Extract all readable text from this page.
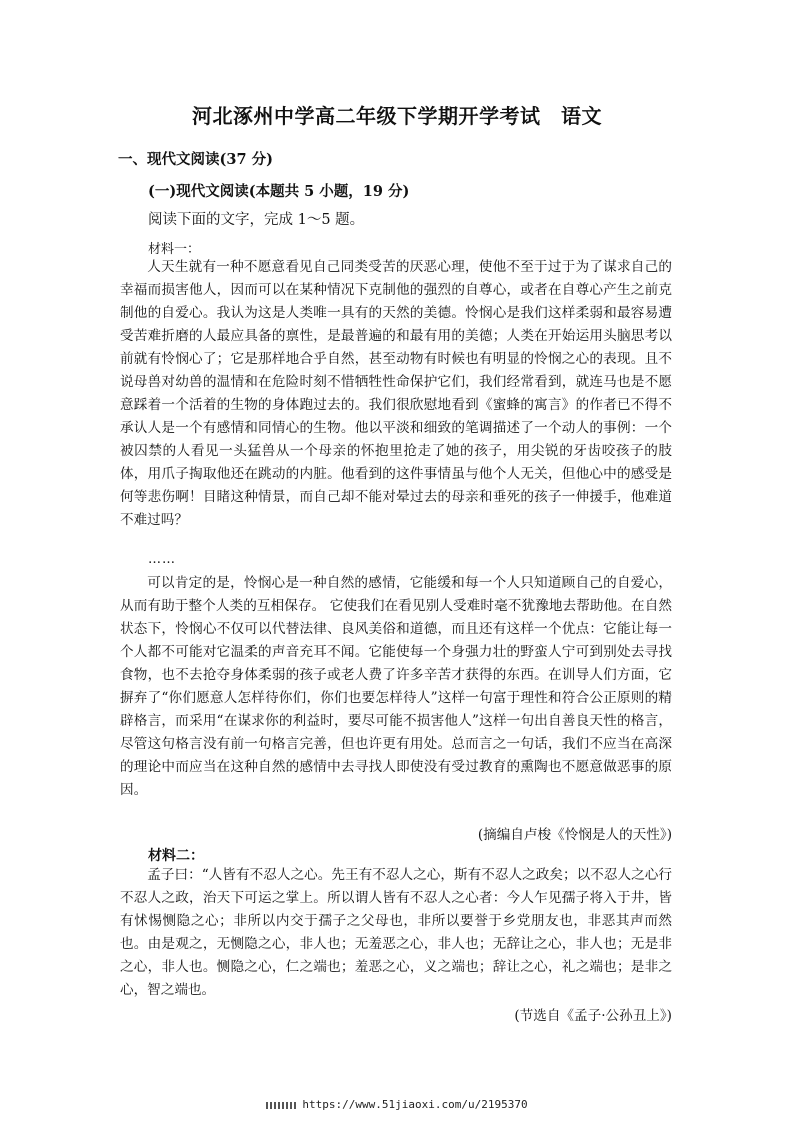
河北涿州中学高二年级下学期开学考试　语文
一、现代文阅读(37 分)
(一)现代文阅读(本题共 5 小题，19 分)
阅读下面的文字，完成 1～5 题。
材料一：

人天生就有一种不愿意看见自己同类受苦的厌恶心理，使他不至于过于为了谋求自己的幸福而损害他人，因而可以在某种情况下克制他的强烈的自尊心，或者在自尊心产生之前克制他的自爱心。我认为这是人类唯一具有的天然的美德。怜悯心是我们这样柔弱和最容易遭受苦难折磨的人最应具备的禀性，是最普遍的和最有用的美德；人类在开始运用头脑思考以前就有怜悯心了；它是那样地合乎自然，甚至动物有时候也有明显的怜悯之心的表现。且不说母兽对幼兽的温情和在危险时刻不惜牺牲性命保护它们，我们经常看到，就连马也是不愿意踩着一个活着的生物的身体跑过去的。我们很欣慰地看到《蜜蜂的寓言》的作者已不得不承认人是一个有感情和同情心的生物。他以平淡和细致的笔调描述了一个动人的事例：一个被囚禁的人看见一头猛兽从一个母亲的怀抱里抢走了她的孩子，用尖锐的牙齿咬孩子的肢体，用爪子掏取他还在跳动的内脏。他看到的这件事情虽与他个人无关，但他心中的感受是何等悲伤啊！目睹这种情景，而自己却不能对晕过去的母亲和垂死的孩子一伸援手，他难道不难过吗？

……

可以肯定的是，怜悯心是一种自然的感情，它能缓和每一个人只知道顾自己的自爱心，从而有助于整个人类的互相保存。 它使我们在看见别人受难时毫不犹豫地去帮助他。在自然状态下，怜悯心不仅可以代替法律、良风美俗和道德，而且还有这样一个优点：它能让每一个人都不可能对它温柔的声音充耳不闻。它能使每一个身强力壮的野蛮人宁可到别处去寻找食物，也不去抢夺身体柔弱的孩子或老人费了许多辛苦才获得的东西。在训导人们方面，它摒弃了“你们愿意人怎样待你们，你们也要怎样待人”这样一句富于理性和符合公正原则的精辟格言，而采用“在谋求你的利益时，要尽可能不损害他人”这样一句出自善良天性的格言，尽管这句格言没有前一句格言完善，但也许更有用处。总而言之一句话，我们不应当在高深的理论中而应当在这种自然的感情中去寻找人即使没有受过教育的熏陶也不愿意做恶事的原因。

(摘编自卢梭《怜悯是人的天性》)
材料二：

孟子曰：“人皆有不忍人之心。先王有不忍人之心，斯有不忍人之政矣；以不忍人之心行不忍人之政，治天下可运之掌上。所以谓人皆有不忍人之心者：今人乍见孺子将入于井，皆有怵惕恻隐之心；非所以内交于孺子之父母也，非所以要誉于乡党朋友也，非恶其声而然也。由是观之，无恻隐之心，非人也；无羞恶之心，非人也；无辞让之心，非人也；无是非之心，非人也。恻隐之心，仁之端也；羞恶之心，义之端也；辞让之心，礼之端也；是非之心，智之端也。

(节选自《孟子·公孙丑上》)
https://www.51jiaoxi.com/u/2195370
